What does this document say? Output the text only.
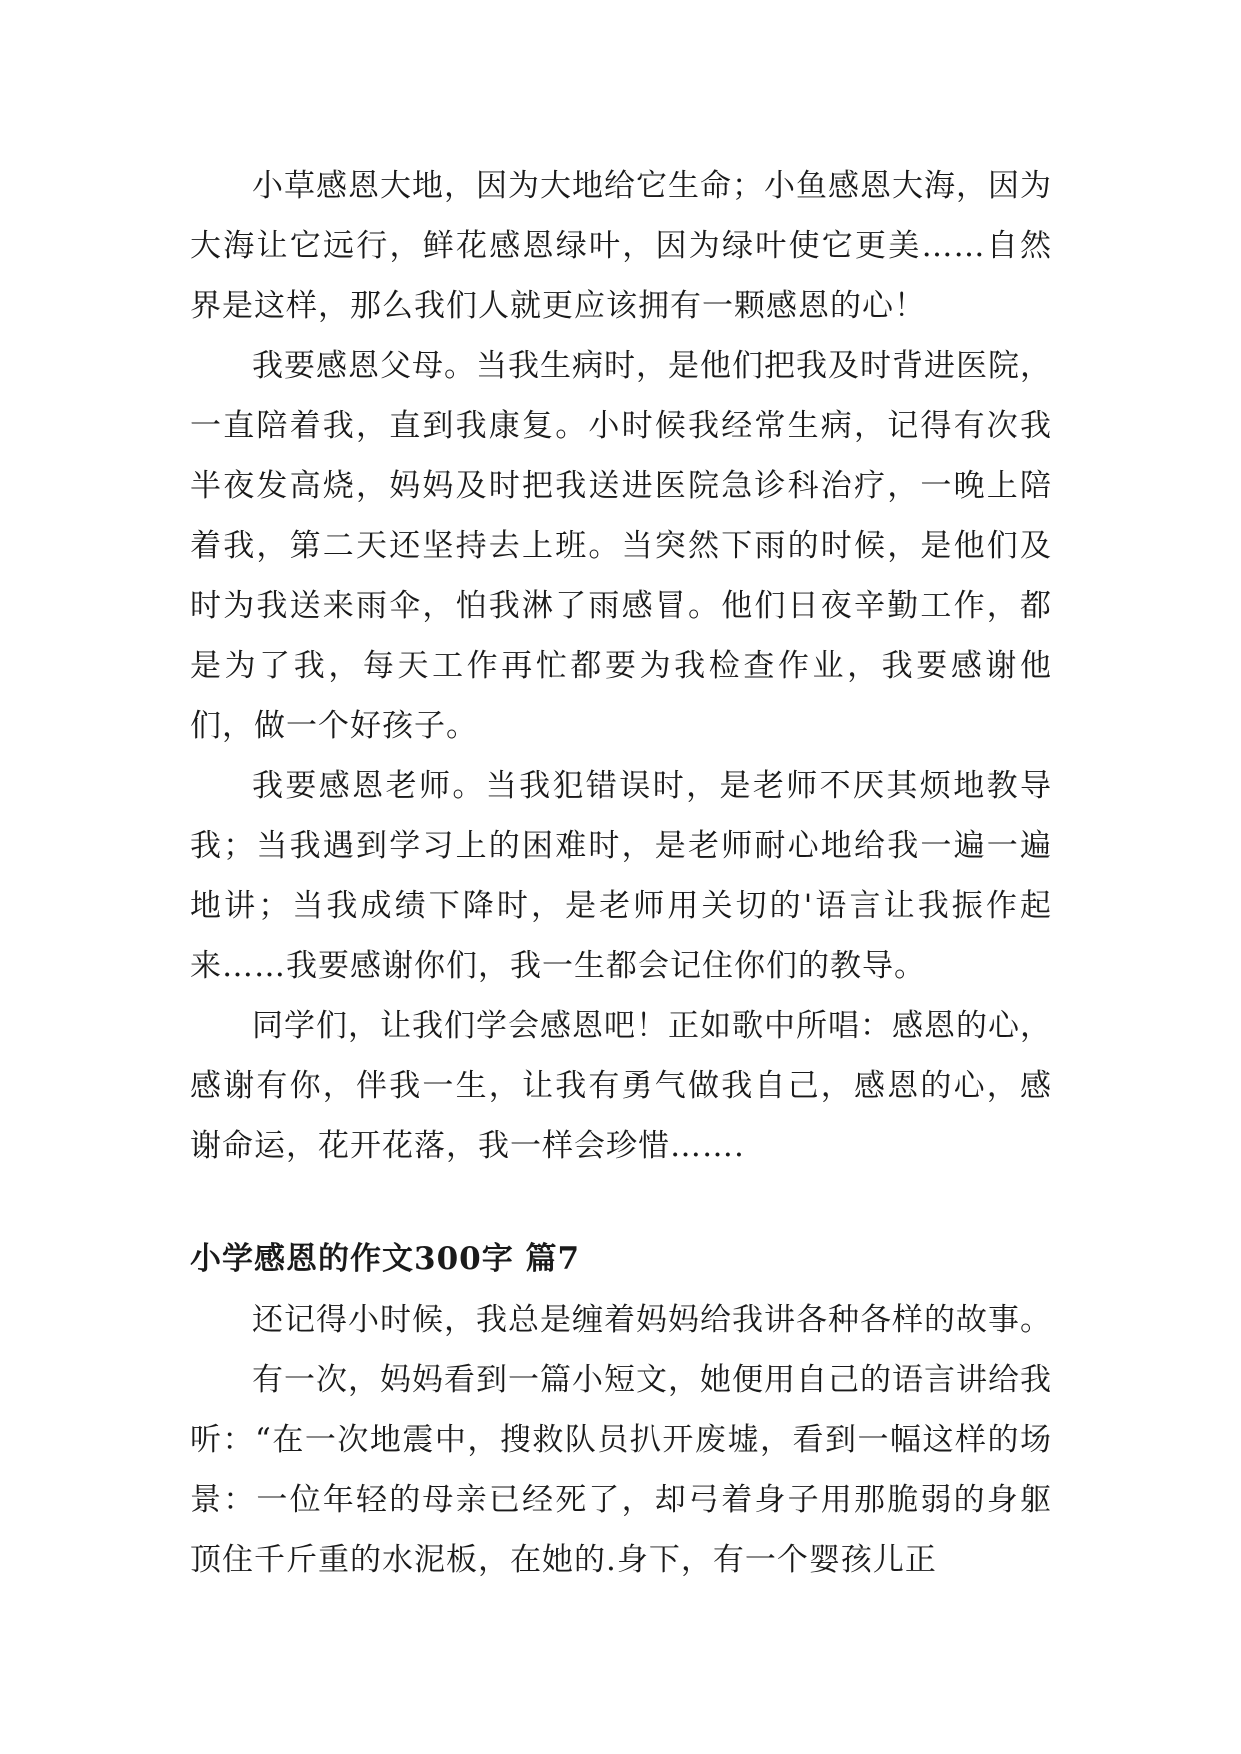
小草感恩大地，因为大地给它生命；小鱼感恩大海，因为大海让它远行，鲜花感恩绿叶，因为绿叶使它更美……自然界是这样，那么我们人就更应该拥有一颗感恩的心！

我要感恩父母。当我生病时，是他们把我及时背进医院，一直陪着我，直到我康复。小时候我经常生病，记得有次我半夜发高烧，妈妈及时把我送进医院急诊科治疗，一晚上陪着我，第二天还坚持去上班。当突然下雨的时候，是他们及时为我送来雨伞，怕我淋了雨感冒。他们日夜辛勤工作，都是为了我，每天工作再忙都要为我检查作业，我要感谢他们，做一个好孩子。

我要感恩老师。当我犯错误时，是老师不厌其烦地教导我；当我遇到学习上的困难时，是老师耐心地给我一遍一遍地讲；当我成绩下降时，是老师用关切的'语言让我振作起来……我要感谢你们，我一生都会记住你们的教导。

同学们，让我们学会感恩吧！正如歌中所唱：感恩的心，感谢有你，伴我一生，让我有勇气做我自己，感恩的心，感谢命运，花开花落，我一样会珍惜…….

小学感恩的作文300字 篇7

还记得小时候，我总是缠着妈妈给我讲各种各样的故事。

有一次，妈妈看到一篇小短文，她便用自己的语言讲给我听：“在一次地震中，搜救队员扒开废墟，看到一幅这样的场景：一位年轻的母亲已经死了，却弓着身子用那脆弱的身躯顶住千斤重的水泥板，在她的.身下，有一个婴孩儿正
